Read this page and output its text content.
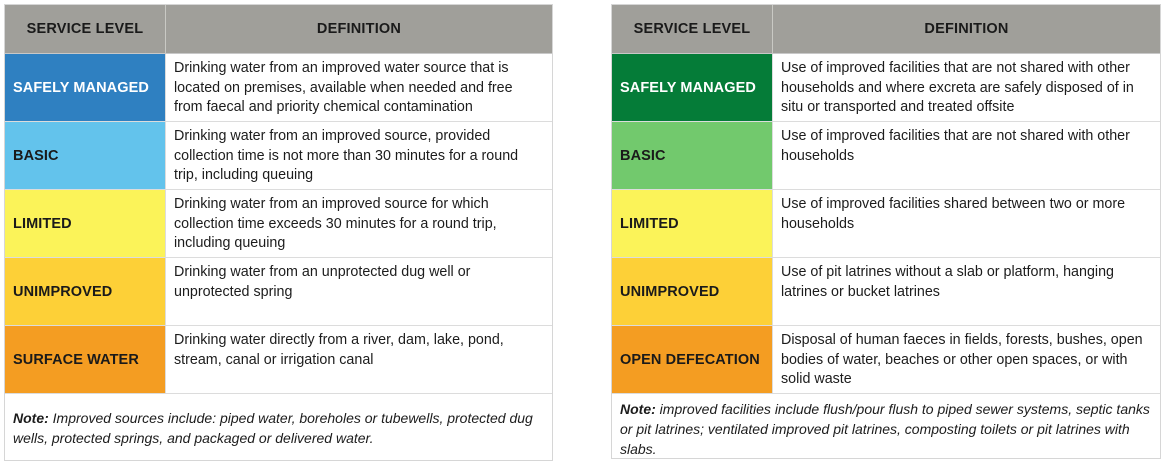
SERVICE LEVEL	DEFINITION
SAFELY MANAGED
Drinking water from an improved water source that is located on premises, available when needed and free from faecal and priority chemical contamination
BASIC
Drinking water from an improved source, provided collection time is not more than 30 minutes for a round trip, including queuing
LIMITED
Drinking water from an improved source for which collection time exceeds 30 minutes for a round trip, including queuing
UNIMPROVED
Drinking water from an unprotected dug well or unprotected spring
SURFACE WATER
Drinking water directly from a river, dam, lake, pond, stream, canal or irrigation canal
Note: Improved sources include: piped water, boreholes or tubewells, protected dug wells, protected springs, and packaged or delivered water.
SERVICE LEVEL	DEFINITION
SAFELY MANAGED
Use of improved facilities that are not shared with other households and where excreta are safely disposed of in situ or transported and treated offsite
BASIC
Use of improved facilities that are not shared with other households
LIMITED
Use of improved facilities shared between two or more households
UNIMPROVED
Use of pit latrines without a slab or platform, hanging latrines or bucket latrines
OPEN DEFECATION
Disposal of human faeces in fields, forests, bushes, open bodies of water, beaches or other open spaces, or with solid waste
Note: improved facilities include flush/pour flush to piped sewer systems, septic tanks or pit latrines; ventilated improved pit latrines, composting toilets or pit latrines with slabs.
